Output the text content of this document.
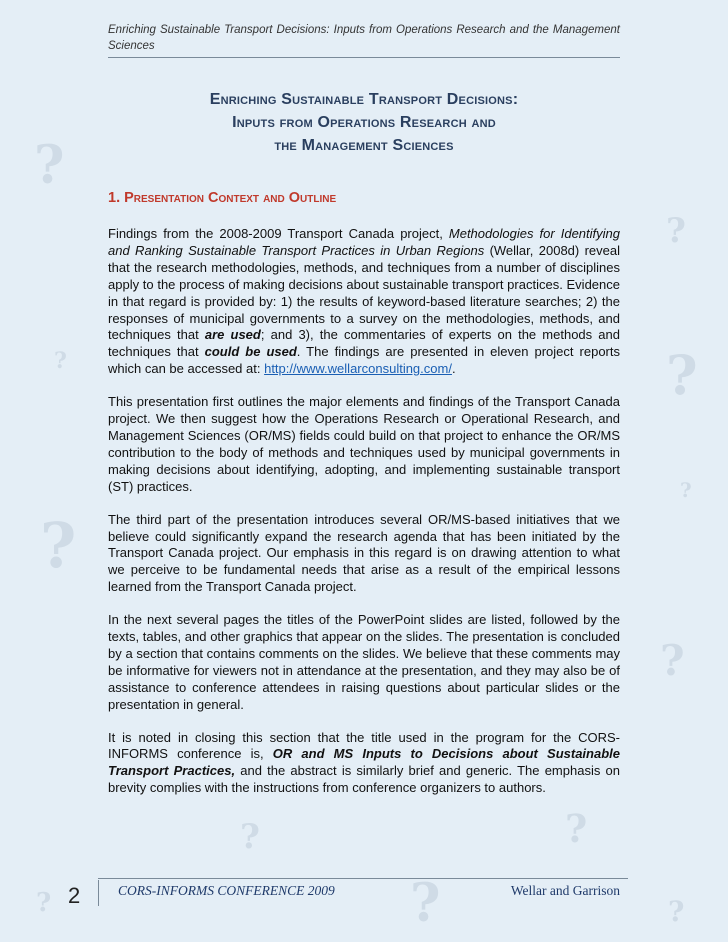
?
?
?
?
?
?
?
?
?
?	?	?
Enriching Sustainable Transport Decisions: Inputs from Operations Research and the Management Sciences
Enriching Sustainable Transport Decisions:
Inputs from Operations Research and
the Management Sciences
1. Presentation Context and Outline

Findings from the 2008-2009 Transport Canada project, Methodologies for Identifying and Ranking Sustainable Transport Practices in Urban Regions (Wellar, 2008d) reveal that the research methodologies, methods, and techniques from a number of disciplines apply to the process of making decisions about sustainable transport practices. Evidence in that regard is provided by: 1) the results of keyword-based literature searches; 2) the responses of municipal governments to a survey on the methodologies, methods, and techniques that are used; and 3), the commentaries of experts on the methods and techniques that could be used. The findings are presented in eleven project reports which can be accessed at: http://www.wellarconsulting.com/.

This presentation first outlines the major elements and findings of the Transport Canada project. We then suggest how the Operations Research or Operational Research, and Management Sciences (OR/MS) fields could build on that project to enhance the OR/MS contribution to the body of methods and techniques used by municipal governments in making decisions about identifying, adopting, and implementing sustainable transport (ST) practices.

The third part of the presentation introduces several OR/MS-based initiatives that we believe could significantly expand the research agenda that has been initiated by the Transport Canada project. Our emphasis in this regard is on drawing attention to what we perceive to be fundamental needs that arise as a result of the empirical lessons learned from the Transport Canada project.

In the next several pages the titles of the PowerPoint slides are listed, followed by the texts, tables, and other graphics that appear on the slides. The presentation is concluded by a section that contains comments on the slides. We believe that these comments may be informative for viewers not in attendance at the presentation, and they may also be of assistance to conference attendees in raising questions about particular slides or the presentation in general.

It is noted in closing this section that the title used in the program for the CORS-INFORMS conference is, OR and MS Inputs to Decisions about Sustainable Transport Practices, and the abstract is similarly brief and generic. The emphasis on brevity complies with the instructions from conference organizers to authors.

2	CORS-INFORMS CONFERENCE 2009	Wellar and Garrison
